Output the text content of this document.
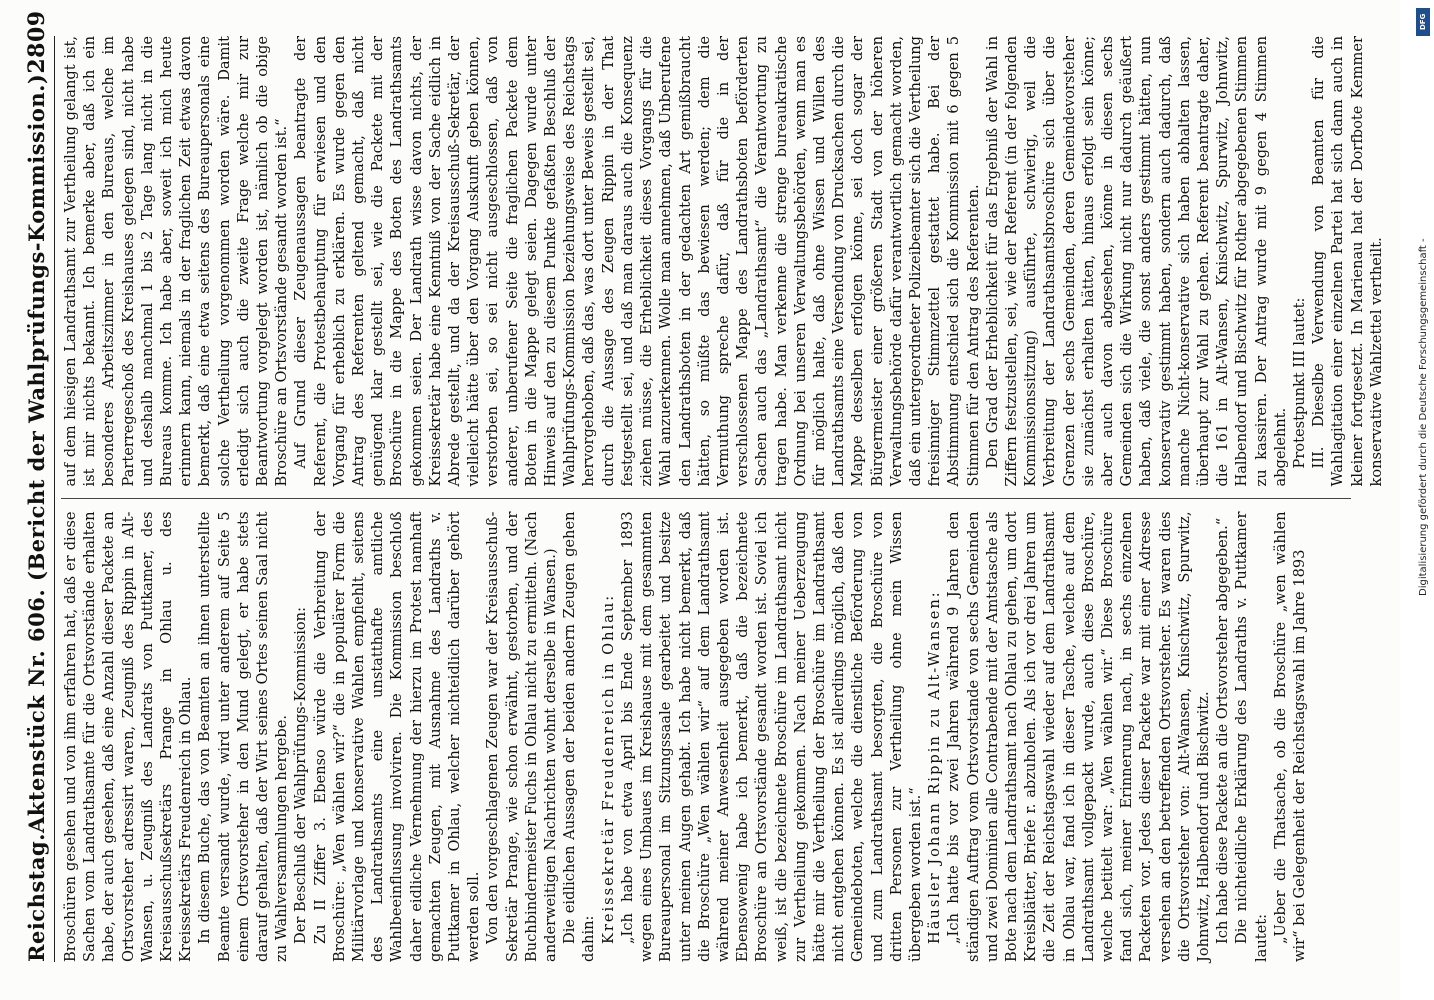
Reichstag.
Aktenstück Nr. 606. (Bericht der Wahlprüfungs-Kommission.)
2809

Broschüren gesehen und von ihm erfahren hat, daß er diese Sachen vom Landrathsamte für die Ortsvorstände erhalten habe, der auch gesehen, daß eine Anzahl dieser Packete an Ortsvorsteher adressirt waren, Zeugniß des Rippin in Alt-Wansen, u. Zeugniß des Landrats von Puttkamer, des Kreisausschußsekretärs Prange in Ohlau u. des Kreissekretärs Freudenreich in Ohlau. In diesem Buche, das von Beamten an ihnen unterstellte Beamte versandt wurde, wird unter anderem auf Seite 5 einem Ortsvorsteher in den Mund gelegt, er habe stets darauf gehalten, daß der Wirt seines Ortes seinen Saal nicht zu Wahlversammlungen hergebe. Der Beschluß der Wahlprüfungs-Kommission: Zu II Ziffer 3. Ebenso würde die Verbreitung der Broschüre: „Wen wählen wir?“ die in populärer Form die Militärvorlage und konservative Wahlen empfiehlt, seitens des Landrathsamts eine unstatthafte amtliche Wahlbeeinflussung involviren. Die Kommission beschloß daher eidliche Vernehmung der hierzu im Protest namhaft gemachten Zeugen, mit Ausnahme des Landraths v. Puttkamer in Ohlau, welcher nichteidlich darüber gehört werden soll. Von den vorgeschlagenen Zeugen war der Kreisausschuß-Sekretär Prange, wie schon erwähnt, gestorben, und der Buchbindermeister Fuchs in Ohlau nicht zu ermitteln. (Nach anderweitigen Nachrichten wohnt derselbe in Wansen.) Die eidlichen Aussagen der beiden andern Zeugen gehen dahin: Kreissekretär Freudenreich in Ohlau: „Ich habe von etwa April bis Ende September 1893 wegen eines Umbaues im Kreishause mit dem gesammten Bureaupersonal im Sitzungssaale gearbeitet und besitze unter meinen Augen gehabt. Ich habe nicht bemerkt, daß die Broschüre „Wen wählen wir“ auf dem Landrathsamt während meiner Anwesenheit ausgegeben worden ist. Ebensowenig habe ich bemerkt, daß die bezeichnete Broschüre an Ortsvorstände gesandt worden ist. Soviel ich weiß, ist die bezeichnete Broschüre im Landrathsamt nicht zur Vertheilung gekommen. Nach meiner Ueberzeugung hätte mir die Vertheilung der Broschüre im Landrathsamt nicht entgehen können. Es ist allerdings möglich, daß den Gemeindeboten, welche die dienstliche Beförderung von und zum Landrathsamt besorgten, die Broschüre von dritten Personen zur Vertheilung ohne mein Wissen übergeben worden ist.“ Häusler Johann Rippin zu Alt-Wansen: „Ich hatte bis vor zwei Jahren während 9 Jahren den ständigen Auftrag vom Ortsvorstande von sechs Gemeinden und zwei Dominien alle Contrabende mit der Amtstasche als Bote nach dem Landrathsamt nach Ohlau zu gehen, um dort Kreisblätter, Briefe r. abzuholen. Als ich vor drei Jahren um die Zeit der Reichstagswahl wieder auf dem Landrathsamt in Ohlau war, fand ich in dieser Tasche, welche auf dem Landrathsamt vollgepackt wurde, auch diese Broschüre, welche betitelt war: „Wen wählen wir.“ Diese Broschüre fand sich, meiner Erinnerung nach, in sechs einzelnen Packeten vor. Jedes dieser Packete war mit einer Adresse versehen an den betreffenden Ortsvorsteher. Es waren dies die Ortsvorsteher von: Alt-Wansen, Knischwitz, Spurwitz, Johnwitz, Halbendorf und Bischwitz. Ich habe diese Packete an die Ortsvorsteher abgegeben.“ Die nichteidliche Erklärung des Landraths v. Puttkamer lautet: „Ueber die Thatsache, ob die Broschüre „wen wählen wir“ bei Gelegenheit der Reichstagswahl im Jahre 1893

auf dem hiesigen Landrathsamt zur Vertheilung gelangt ist, ist mir nichts bekannt. Ich bemerke aber, daß ich ein besonderes Arbeitszimmer in den Bureaus, welche im Parterregeschoß des Kreishauses gelegen sind, nicht habe und deshalb manchmal 1 bis 2 Tage lang nicht in die Bureaus komme. Ich habe aber, soweit ich mich heute erinnern kann, niemals in der fraglichen Zeit etwas davon bemerkt, daß eine etwa seitens des Bureaupersonals eine solche Vertheilung vorgenommen worden wäre. Damit erledigt sich auch die zweite Frage welche mir zur Beantwortung vorgelegt worden ist, nämlich ob die obige Broschüre an Ortsvorstände gesandt worden ist.“ Auf Grund dieser Zeugenaussagen beantragte der Referent, die Protestbehauptung für erwiesen und den Vorgang für erheblich zu erklären. Es wurde gegen den Antrag des Referenten geltend gemacht, daß nicht genügend klar gestellt sei, wie die Packete mit der Broschüre in die Mappe des Boten des Landrathsamts gekommen seien. Der Landrath wisse davon nichts, der Kreissekretär habe eine Kenntniß von der Sache eidlich in Abrede gestellt, und da der Kreisausschuß-Sekretär, der vielleicht hätte über den Vorgang Auskunft geben können, verstorben sei, so sei nicht ausgeschlossen, daß von anderer, unberufener Seite die fraglichen Packete dem Boten in die Mappe gelegt seien. Dagegen wurde unter Hinweis auf den zu diesem Punkte gefaßten Beschluß der Wahlprüfungs-Kommission beziehungsweise des Reichstags hervorgehoben, daß das, was dort unter Beweis gestellt sei, durch die Aussage des Zeugen Rippin in der That festgestellt sei, und daß man daraus auch die Konsequenz ziehen müsse, die Erheblichkeit dieses Vorgangs für die Wahl anzuerkennen. Wolle man annehmen, daß Unberufene den Landrathsboten in der gedachten Art gemißbraucht hätten, so müßte das bewiesen werden; dem die Vermuthung spreche dafür, daß für die in der verschlossenen Mappe des Landrathsboten beförderten Sachen auch das „Landrathsamt“ die Verantwortung zu tragen habe. Man verkenne die strenge bureaukratische Ordnung bei unseren Verwaltungsbehörden, wenn man es für möglich halte, daß ohne Wissen und Willen des Landrathsamts eine Versendung von Drucksachen durch die Mappe desselben erfolgen könne, sei doch sogar der Bürgermeister einer größeren Stadt von der höheren Verwaltungsbehörde dafür verantwortlich gemacht worden, daß ein untergeordneter Polizeibeamter sich die Vertheilung freisinniger Stimmzettel gestattet habe. Bei der Abstimmung entschied sich die Kommission mit 6 gegen 5 Stimmen für den Antrag des Referenten. Den Grad der Erheblichkeit für das Ergebniß der Wahl in Ziffern festzustellen, sei, wie der Referent (in der folgenden Kommissionssitzung) ausführte, schwierig, weil die Verbreitung der Landrathsamtsbroschüre sich über die Grenzen der sechs Gemeinden, deren Gemeindevorsteher sie zunächst erhalten hätten, hinaus erfolgt sein könne; aber auch davon abgesehen, könne in diesen sechs Gemeinden sich die Wirkung nicht nur dadurch geäußert haben, daß viele, die sonst anders gestimmt hätten, nun konservativ gestimmt haben, sondern auch dadurch, daß manche Nicht-konservative sich haben abhalten lassen, überhaupt zur Wahl zu gehen. Referent beantragte daher, die 161 in Alt-Wansen, Knischwitz, Spurwitz, Johnwitz, Halbendorf und Bischwitz für Rother abgegebenen Stimmen zu kassiren. Der Antrag wurde mit 9 gegen 4 Stimmen abgelehnt. Protestpunkt III lautet: III. Dieselbe Verwendung von Beamten für die Wahlagitation einer einzelnen Partei hat sich dann auch in kleiner fortgesetzt. In Marienau hat der Dorfbote Kemmer konservative Wahlzettel vertheilt.	Digitalisierung gefördert durch die Deutsche Forschungsgemeinschaft -
DFG
